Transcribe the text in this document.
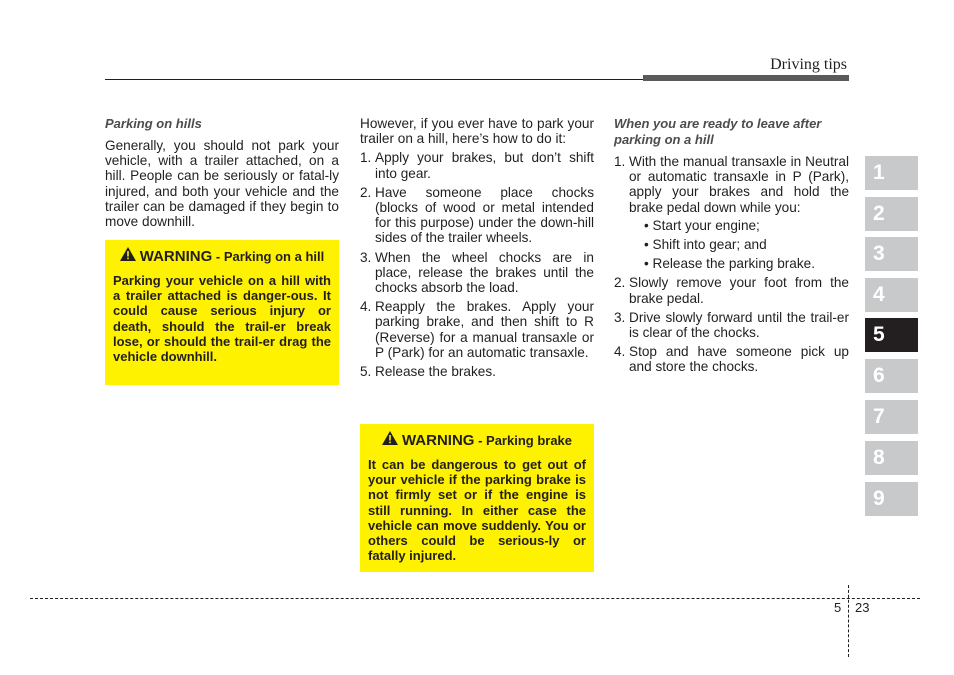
Driving tips
Parking on hills

Generally, you should not park your vehicle, with a trailer attached, on a hill. People can be seriously or fatal-ly injured, and both your vehicle and the trailer can be damaged if they begin to move downhill.

WARNING - Parking on a hill
Parking your vehicle on a hill with a trailer attached is danger-ous. It could cause serious injury or death, should the trail-er break lose, or should the trail-er drag the vehicle downhill.

However, if you ever have to park your trailer on a hill, here’s how to do it:

1. Apply your brakes, but don’t shift into gear.
2. Have someone place chocks (blocks of wood or metal intended for this purpose) under the down-hill sides of the trailer wheels.
3. When the wheel chocks are in place, release the brakes until the chocks absorb the load.
4. Reapply the brakes. Apply your parking brake, and then shift to R (Reverse) for a manual transaxle or P (Park) for an automatic transaxle.
5. Release the brakes.
WARNING - Parking brake
It can be dangerous to get out of your vehicle if the parking brake is not firmly set or if the engine is still running. In either case the vehicle can move suddenly. You or others could be serious-ly or fatally injured.
When you are ready to leave after parking on a hill
1. With the manual transaxle in Neutral or automatic transaxle in P (Park), apply your brakes and hold the brake pedal down while you:
• Start your engine;
• Shift into gear; and
• Release the parking brake.
2. Slowly remove your foot from the brake pedal.
3. Drive slowly forward until the trail-er is clear of the chocks.
4. Stop and have someone pick up and store the chocks.
1
2
3
4
5
6
7
8
9
5 23
